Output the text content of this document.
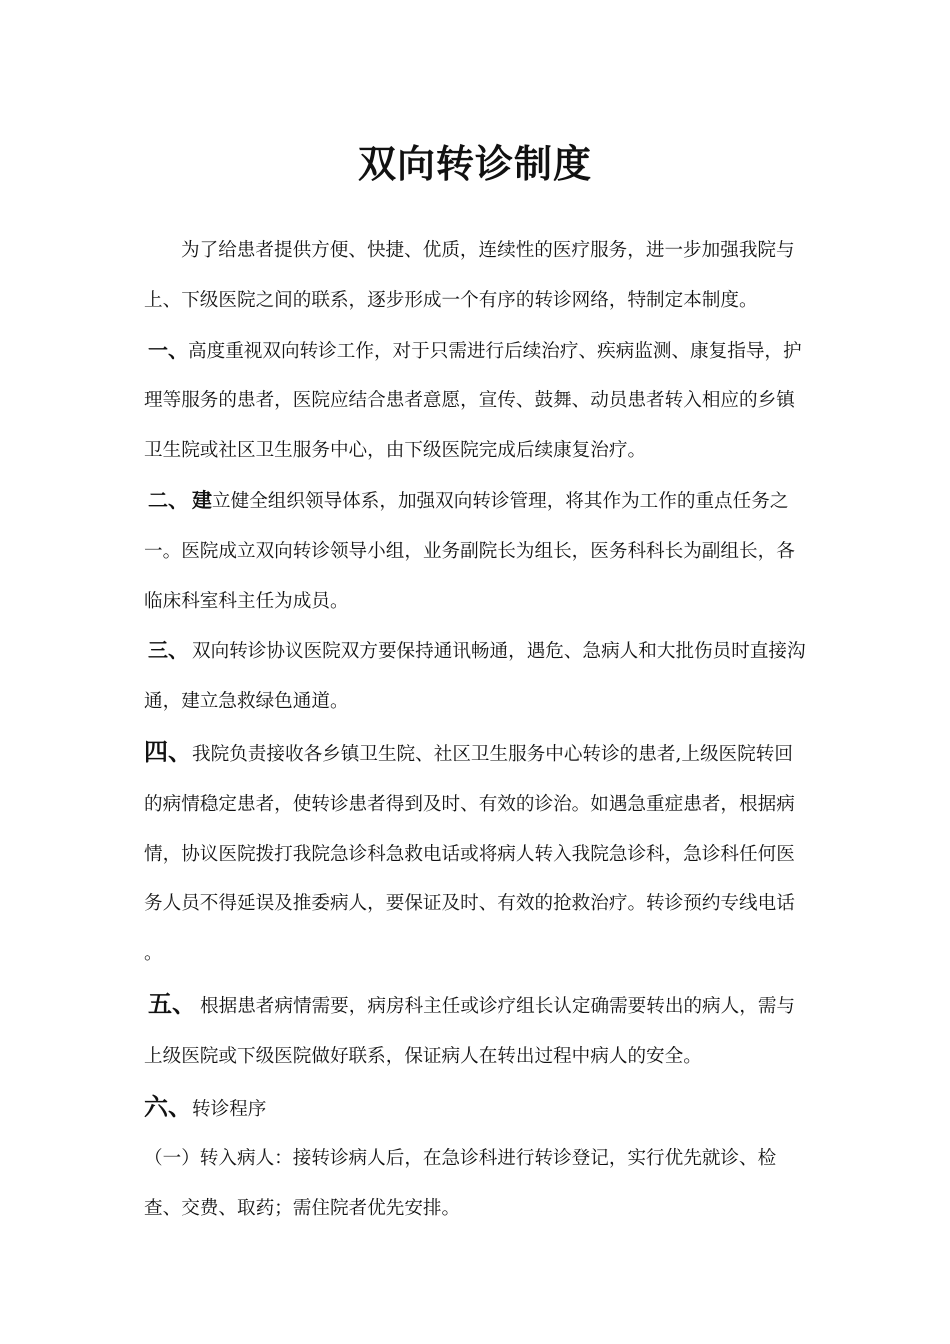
双向转诊制度

为了给患者提供方便、快捷、优质，连续性的医疗服务，进一步加强我院与上、下级医院之间的联系，逐步形成一个有序的转诊网络，特制定本制度。

一、高度重视双向转诊工作，对于只需进行后续治疗、疾病监测、康复指导，护理等服务的患者，医院应结合患者意愿，宣传、鼓舞、动员患者转入相应的乡镇卫生院或社区卫生服务中心，由下级医院完成后续康复治疗。

二、 建立健全组织领导体系，加强双向转诊管理，将其作为工作的重点任务之一。医院成立双向转诊领导小组，业务副院长为组长，医务科科长为副组长，各临床科室科主任为成员。

三、 双向转诊协议医院双方要保持通讯畅通，遇危、急病人和大批伤员时直接沟通，建立急救绿色通道。

四、我院负责接收各乡镇卫生院、社区卫生服务中心转诊的患者,上级医院转回的病情稳定患者，使转诊患者得到及时、有效的诊治。如遇急重症患者，根据病情，协议医院拨打我院急诊科急救电话或将病人转入我院急诊科，急诊科任何医务人员不得延误及推委病人，要保证及时、有效的抢救治疗。转诊预约专线电话 。

五、 根据患者病情需要，病房科主任或诊疗组长认定确需要转出的病人，需与上级医院或下级医院做好联系，保证病人在转出过程中病人的安全。

六、转诊程序

（一）转入病人：接转诊病人后，在急诊科进行转诊登记，实行优先就诊、检查、交费、取药；需住院者优先安排。
